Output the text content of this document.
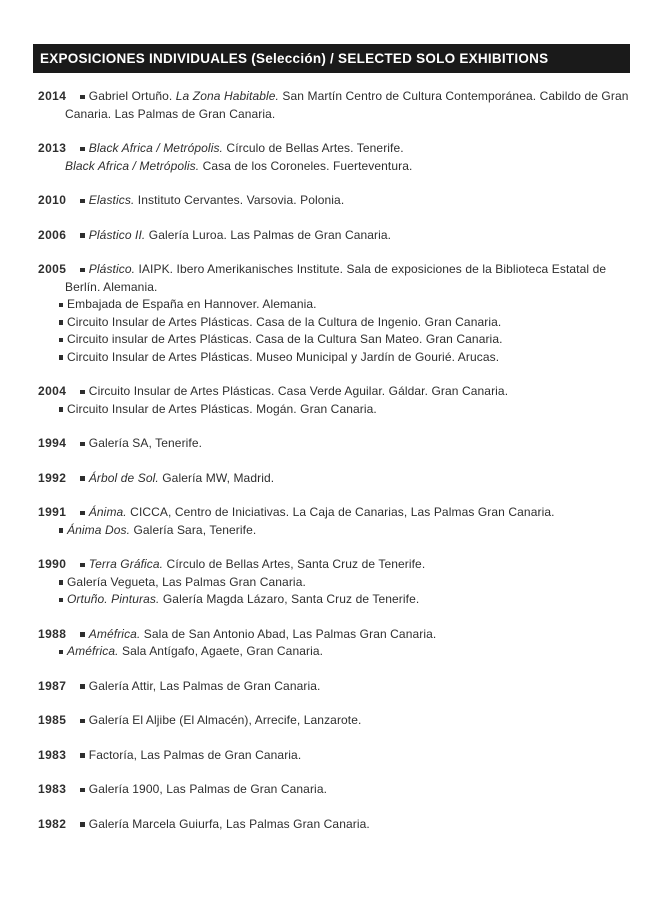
EXPOSICIONES INDIVIDUALES (Selección) / SELECTED SOLO EXHIBITIONS
2014 Gabriel Ortuño. La Zona Habitable. San Martín Centro de Cultura Contemporánea. Cabildo de Gran Canaria. Las Palmas de Gran Canaria.
2013 Black Africa / Metrópolis. Círculo de Bellas Artes. Tenerife.
Black Africa / Metrópolis. Casa de los Coroneles. Fuerteventura.
2010 Elastics. Instituto Cervantes. Varsovia. Polonia.
2006 Plástico II. Galería Luroa. Las Palmas de Gran Canaria.
2005 Plástico. IAIPK. Ibero Amerikanisches Institute. Sala de exposiciones de la Biblioteca Estatal de Berlín. Alemania.
Embajada de España en Hannover. Alemania.
Circuito Insular de Artes Plásticas. Casa de la Cultura de Ingenio. Gran Canaria.
Circuito insular de Artes Plásticas. Casa de la Cultura San Mateo. Gran Canaria.
Circuito Insular de Artes Plásticas. Museo Municipal y Jardín de Gourié. Arucas.
2004 Circuito Insular de Artes Plásticas. Casa Verde Aguilar. Gáldar. Gran Canaria.
Circuito Insular de Artes Plásticas. Mogán. Gran Canaria.
1994 Galería SA, Tenerife.
1992 Árbol de Sol. Galería MW, Madrid.
1991 Ánima. CICCA, Centro de Iniciativas. La Caja de Canarias, Las Palmas Gran Canaria.
Ánima Dos. Galería Sara, Tenerife.
1990 Terra Gráfica. Círculo de Bellas Artes, Santa Cruz de Tenerife.
Galería Vegueta, Las Palmas Gran Canaria.
Ortuño. Pinturas. Galería Magda Lázaro, Santa Cruz de Tenerife.
1988 Améfrica. Sala de San Antonio Abad, Las Palmas Gran Canaria.
Améfrica. Sala Antígafo, Agaete, Gran Canaria.
1987 Galería Attir, Las Palmas de Gran Canaria.
1985 Galería El Aljibe (El Almacén), Arrecife, Lanzarote.
1983 Factoría, Las Palmas de Gran Canaria.
1983 Galería 1900, Las Palmas de Gran Canaria.
1982 Galería Marcela Guiurfa, Las Palmas Gran Canaria.
